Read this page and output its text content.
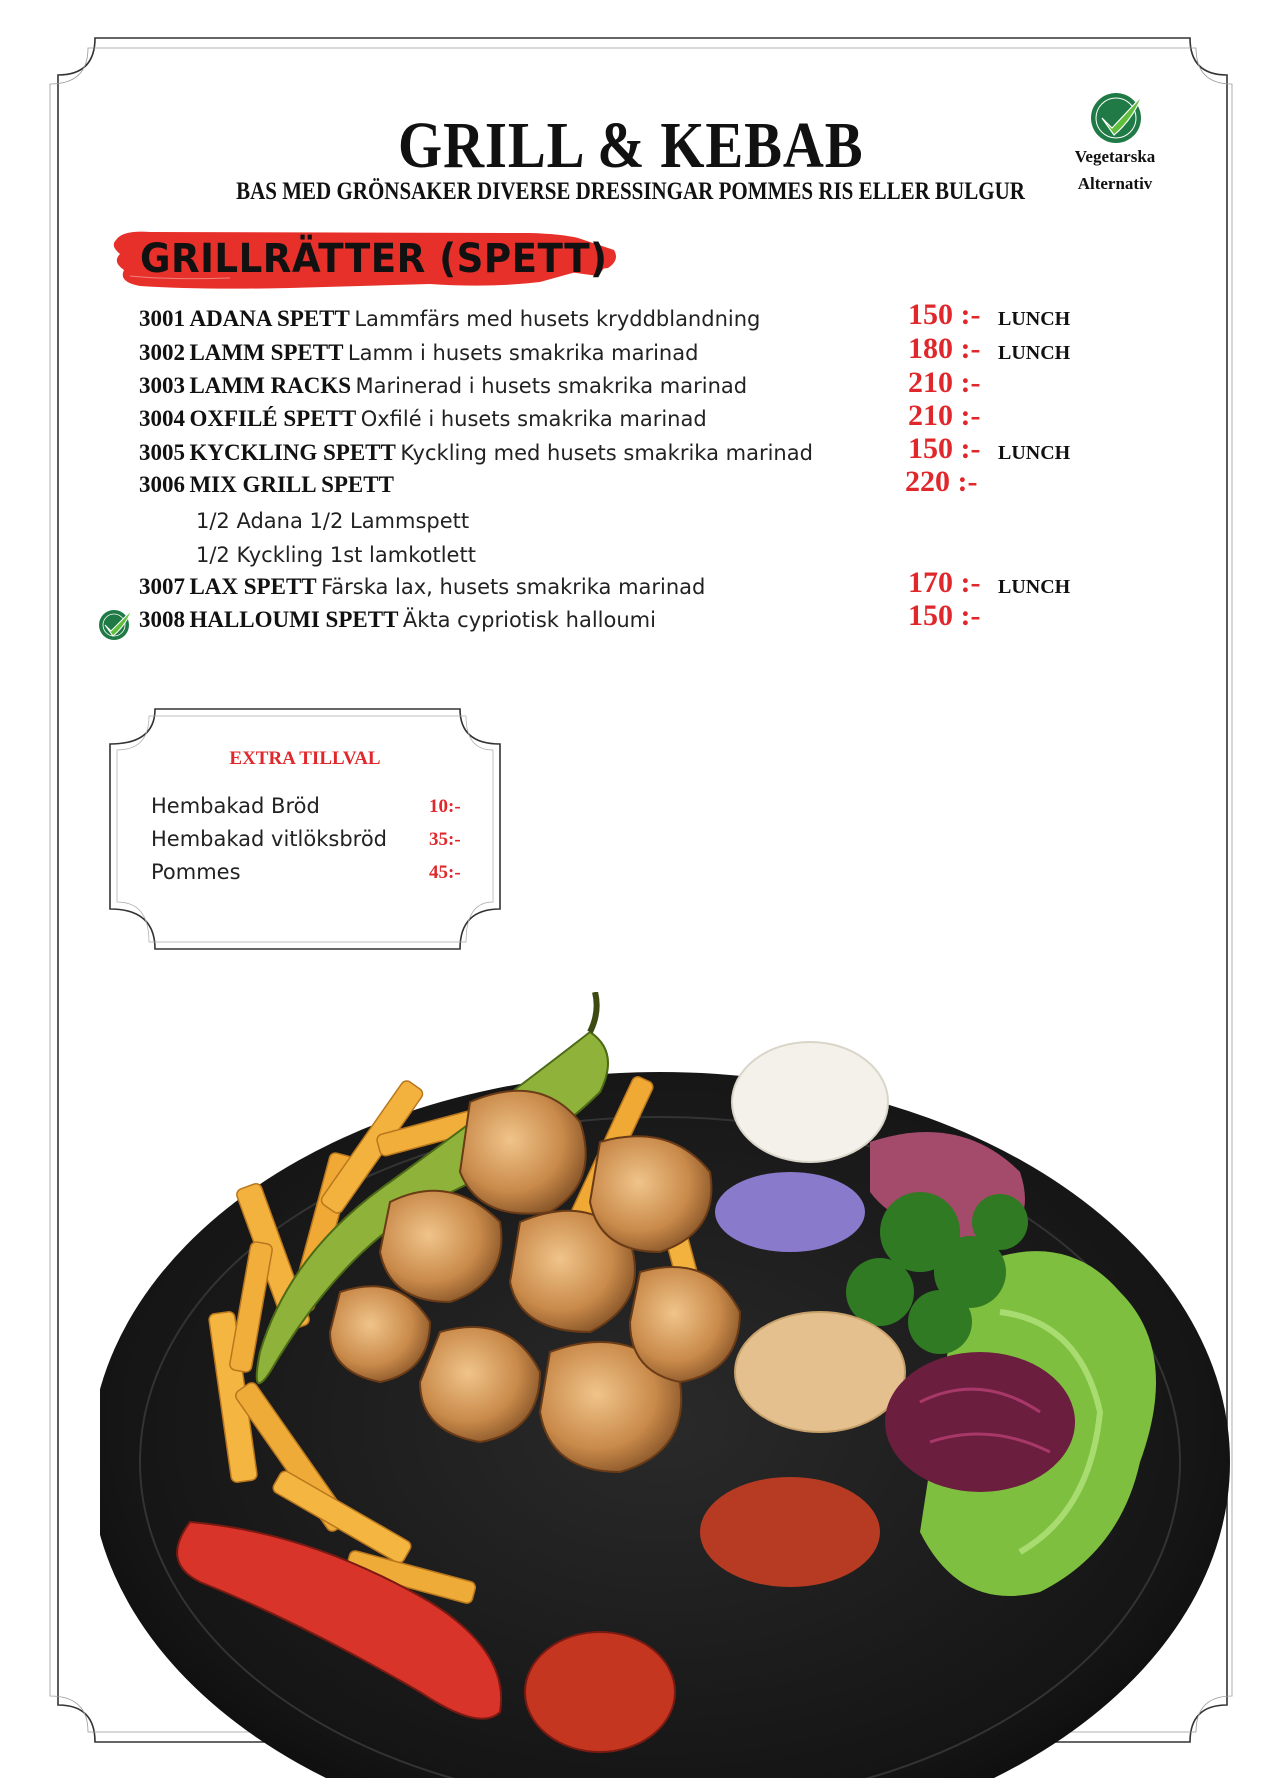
GRILL & KEBAB
BAS MED GRÖNSAKER DIVERSE DRESSINGAR POMMES RIS ELLER BULGUR
Vegetarska
Alternativ
GRILLRÄTTER (SPETT)
3001 ADANA SPETT Lammfärs med husets kryddblandning
3002 LAMM SPETT Lamm i husets smakrika marinad
3003 LAMM RACKS Marinerad i husets smakrika marinad
3004 OXFILÉ SPETT Oxfilé i husets smakrika marinad
3005 KYCKLING SPETT Kyckling med husets smakrika marinad
3006 MIX GRILL SPETT
1/2 Adana 1/2 Lammspett
1/2 Kyckling 1st lamkotlett
3007 LAX SPETT Färska lax, husets smakrika marinad
3008 HALLOUMI SPETT Äkta cypriotisk halloumi
150 :-
180 :-
210 :-
210 :-
150 :-
220 :-
170 :-
150 :-
LUNCH
LUNCH
LUNCH
LUNCH
EXTRA TILLVAL
Hembakad Bröd	10:-
Hembakad vitlöksbröd 35:-
Pommes	45:-
